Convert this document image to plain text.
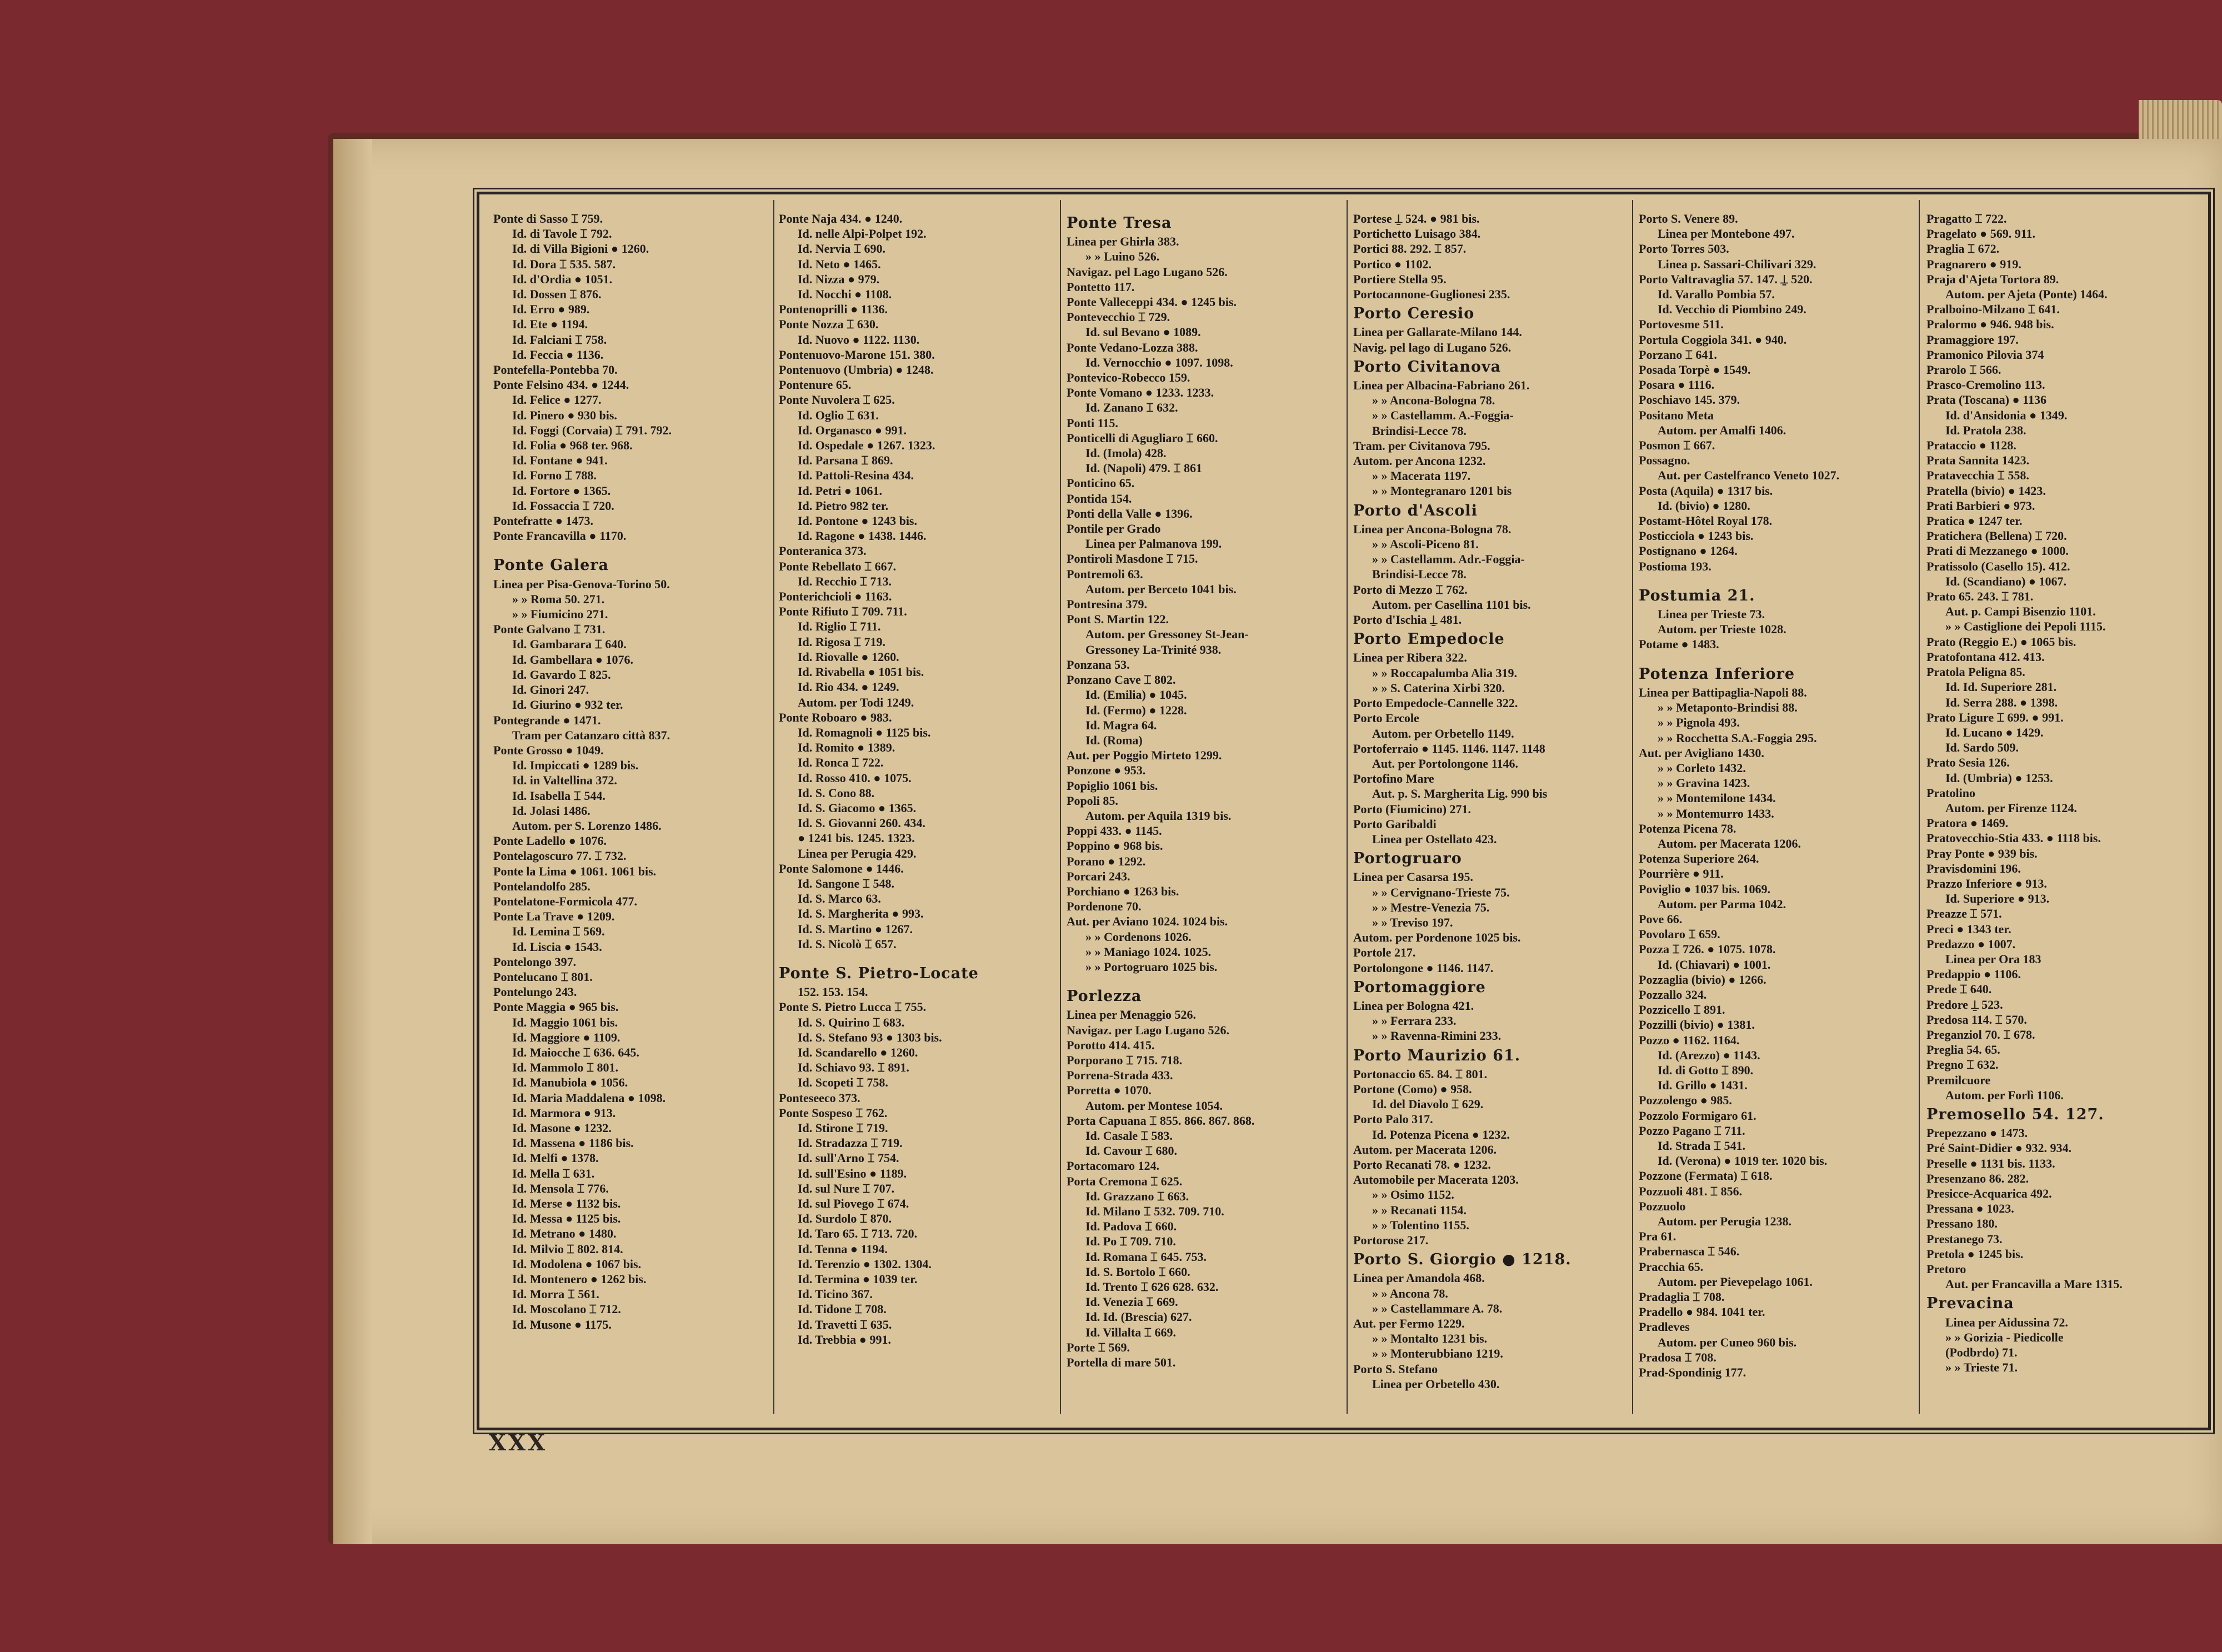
Ponte di Sasso ⌶ 759.
Id. di Tavole ⌶ 792.
Id. di Villa Bigioni ● 1260.
Id. Dora ⌶ 535. 587.
Id. d'Ordia ● 1051.
Id. Dossen ⌶ 876.
Id. Erro ● 989.
Id. Ete ● 1194.
Id. Falciani ⌶ 758.
Id. Feccia ● 1136.
Pontefella-Pontebba 70.
Ponte Felsino 434. ● 1244.
Id. Felice ● 1277.
Id. Pinero ● 930 bis.
Id. Foggi (Corvaia) ⌶ 791. 792.
Id. Folia ● 968 ter. 968.
Id. Fontane ● 941.
Id. Forno ⌶ 788.
Id. Fortore ● 1365.
Id. Fossaccia ⌶ 720.
Pontefratte ● 1473.
Ponte Francavilla ● 1170.
Ponte Galera
Linea per Pisa-Genova-Torino 50.
» » Roma 50. 271.
» » Fiumicino 271.
Ponte Galvano ⌶ 731.
Id. Gambarara ⌶ 640.
Id. Gambellara ● 1076.
Id. Gavardo ⌶ 825.
Id. Ginori 247.
Id. Giurino ● 932 ter.
Pontegrande ● 1471.
Tram per Catanzaro città 837.
Ponte Grosso ● 1049.
Id. Impiccati ● 1289 bis.
Id. in Valtellina 372.
Id. Isabella ⌶ 544.
Id. Jolasi 1486.
Autom. per S. Lorenzo 1486.
Ponte Ladello ● 1076.
Pontelagoscuro 77. ⌶ 732.
Ponte la Lima ● 1061. 1061 bis.
Pontelandolfo 285.
Pontelatone-Formicola 477.
Ponte La Trave ● 1209.
Id. Lemina ⌶ 569.
Id. Liscia ● 1543.
Pontelongo 397.
Pontelucano ⌶ 801.
Pontelungo 243.
Ponte Maggia ● 965 bis.
Id. Maggio 1061 bis.
Id. Maggiore ● 1109.
Id. Maiocche ⌶ 636. 645.
Id. Mammolo ⌶ 801.
Id. Manubiola ● 1056.
Id. Maria Maddalena ● 1098.
Id. Marmora ● 913.
Id. Masone ● 1232.
Id. Massena ● 1186 bis.
Id. Melfi ● 1378.
Id. Mella ⌶ 631.
Id. Mensola ⌶ 776.
Id. Merse ● 1132 bis.
Id. Messa ● 1125 bis.
Id. Metrano ● 1480.
Id. Milvio ⌶ 802. 814.
Id. Modolena ● 1067 bis.
Id. Montenero ● 1262 bis.
Id. Morra ⌶ 561.
Id. Moscolano ⌶ 712.
Id. Musone ● 1175.
Ponte Naja 434. ● 1240.
Id. nelle Alpi-Polpet 192.
Id. Nervia ⌶ 690.
Id. Neto ● 1465.
Id. Nizza ● 979.
Id. Nocchi ● 1108.
Pontenoprilli ● 1136.
Ponte Nozza ⌶ 630.
Id. Nuovo ● 1122. 1130.
Pontenuovo-Marone 151. 380.
Pontenuovo (Umbria) ● 1248.
Pontenure 65.
Ponte Nuvolera ⌶ 625.
Id. Oglio ⌶ 631.
Id. Organasco ● 991.
Id. Ospedale ● 1267. 1323.
Id. Parsana ⌶ 869.
Id. Pattoli-Resina 434.
Id. Petri ● 1061.
Id. Pietro 982 ter.
Id. Pontone ● 1243 bis.
Id. Ragone ● 1438. 1446.
Ponteranica 373.
Ponte Rebellato ⌶ 667.
Id. Recchio ⌶ 713.
Ponterichcioli ● 1163.
Ponte Rifiuto ⌶ 709. 711.
Id. Riglio ⌶ 711.
Id. Rigosa ⌶ 719.
Id. Riovalle ● 1260.
Id. Rivabella ● 1051 bis.
Id. Rio 434. ● 1249.
Autom. per Todi 1249.
Ponte Roboaro ● 983.
Id. Romagnoli ● 1125 bis.
Id. Romito ● 1389.
Id. Ronca ⌶ 722.
Id. Rosso 410. ● 1075.
Id. S. Cono 88.
Id. S. Giacomo ● 1365.
Id. S. Giovanni 260. 434.
● 1241 bis. 1245. 1323.
Linea per Perugia 429.
Ponte Salomone ● 1446.
Id. Sangone ⌶ 548.
Id. S. Marco 63.
Id. S. Margherita ● 993.
Id. S. Martino ● 1267.
Id. S. Nicolò ⌶ 657.
Ponte S. Pietro-Locate
152. 153. 154.
Ponte S. Pietro Lucca ⌶ 755.
Id. S. Quirino ⌶ 683.
Id. S. Stefano 93 ● 1303 bis.
Id. Scandarello ● 1260.
Id. Schiavo 93. ⌶ 891.
Id. Scopeti ⌶ 758.
Ponteseeco 373.
Ponte Sospeso ⌶ 762.
Id. Stirone ⌶ 719.
Id. Stradazza ⌶ 719.
Id. sull'Arno ⌶ 754.
Id. sull'Esino ● 1189.
Id. sul Nure ⌶ 707.
Id. sul Piovego ⌶ 674.
Id. Surdolo ⌶ 870.
Id. Taro 65. ⌶ 713. 720.
Id. Tenna ● 1194.
Id. Terenzio ● 1302. 1304.
Id. Termina ● 1039 ter.
Id. Ticino 367.
Id. Tidone ⌶ 708.
Id. Travetti ⌶ 635.
Id. Trebbia ● 991.
Ponte Tresa
Linea per Ghirla 383.
» » Luino 526.
Navigaz. pel Lago Lugano 526.
Pontetto 117.
Ponte Valleceppi 434. ● 1245 bis.
Pontevecchio ⌶ 729.
Id. sul Bevano ● 1089.
Ponte Vedano-Lozza 388.
Id. Vernocchio ● 1097. 1098.
Pontevico-Robecco 159.
Ponte Vomano ● 1233. 1233.
Id. Zanano ⌶ 632.
Ponti 115.
Ponticelli di Agugliaro ⌶ 660.
Id. (Imola) 428.
Id. (Napoli) 479. ⌶ 861
Ponticino 65.
Pontida 154.
Ponti della Valle ● 1396.
Pontile per Grado
Linea per Palmanova 199.
Pontiroli Masdone ⌶ 715.
Pontremoli 63.
Autom. per Berceto 1041 bis.
Pontresina 379.
Pont S. Martin 122.
Autom. per Gressoney St-Jean-
Gressoney La-Trinité 938.
Ponzana 53.
Ponzano Cave ⌶ 802.
Id. (Emilia) ● 1045.
Id. (Fermo) ● 1228.
Id. Magra 64.
Id. (Roma)
Aut. per Poggio Mirteto 1299.
Ponzone ● 953.
Popiglio 1061 bis.
Popoli 85.
Autom. per Aquila 1319 bis.
Poppi 433. ● 1145.
Poppino ● 968 bis.
Porano ● 1292.
Porcari 243.
Porchiano ● 1263 bis.
Pordenone 70.
Aut. per Aviano 1024. 1024 bis.
» » Cordenons 1026.
» » Maniago 1024. 1025.
» » Portogruaro 1025 bis.
Porlezza
Linea per Menaggio 526.
Navigaz. per Lago Lugano 526.
Porotto 414. 415.
Porporano ⌶ 715. 718.
Porrena-Strada 433.
Porretta ● 1070.
Autom. per Montese 1054.
Porta Capuana ⌶ 855. 866. 867. 868.
Id. Casale ⌶ 583.
Id. Cavour ⌶ 680.
Portacomaro 124.
Porta Cremona ⌶ 625.
Id. Grazzano ⌶ 663.
Id. Milano ⌶ 532. 709. 710.
Id. Padova ⌶ 660.
Id. Po ⌶ 709. 710.
Id. Romana ⌶ 645. 753.
Id. S. Bortolo ⌶ 660.
Id. Trento ⌶ 626 628. 632.
Id. Venezia ⌶ 669.
Id. Id. (Brescia) 627.
Id. Villalta ⌶ 669.
Porte ⌶ 569.
Portella di mare 501.
Portese ⍊ 524. ● 981 bis.
Portichetto Luisago 384.
Portici 88. 292. ⌶ 857.
Portico ● 1102.
Portiere Stella 95.
Portocannone-Guglionesi 235.
Porto Ceresio
Linea per Gallarate-Milano 144.
Navig. pel lago di Lugano 526.
Porto Civitanova
Linea per Albacina-Fabriano 261.
» » Ancona-Bologna 78.
» » Castellamm. A.-Foggia-
Brindisi-Lecce 78.
Tram. per Civitanova 795.
Autom. per Ancona 1232.
» » Macerata 1197.
» » Montegranaro 1201 bis
Porto d'Ascoli
Linea per Ancona-Bologna 78.
» » Ascoli-Piceno 81.
» » Castellamm. Adr.-Foggia-
Brindisi-Lecce 78.
Porto di Mezzo ⌶ 762.
Autom. per Casellina 1101 bis.
Porto d'Ischia ⍊ 481.
Porto Empedocle
Linea per Ribera 322.
» » Roccapalumba Alia 319.
» » S. Caterina Xirbi 320.
Porto Empedocle-Cannelle 322.
Porto Ercole
Autom. per Orbetello 1149.
Portoferraio ● 1145. 1146. 1147. 1148
Aut. per Portolongone 1146.
Portofino Mare
Aut. p. S. Margherita Lig. 990 bis
Porto (Fiumicino) 271.
Porto Garibaldi
Linea per Ostellato 423.
Portogruaro
Linea per Casarsa 195.
» » Cervignano-Trieste 75.
» » Mestre-Venezia 75.
» » Treviso 197.
Autom. per Pordenone 1025 bis.
Portole 217.
Portolongone ● 1146. 1147.
Portomaggiore
Linea per Bologna 421.
» » Ferrara 233.
» » Ravenna-Rimini 233.
Porto Maurizio 61.
Portonaccio 65. 84. ⌶ 801.
Portone (Como) ● 958.
Id. del Diavolo ⌶ 629.
Porto Palo 317.
Id. Potenza Picena ● 1232.
Autom. per Macerata 1206.
Porto Recanati 78. ● 1232.
Automobile per Macerata 1203.
» » Osimo 1152.
» » Recanati 1154.
» » Tolentino 1155.
Portorose 217.
Porto S. Giorgio ● 1218.
Linea per Amandola 468.
» » Ancona 78.
» » Castellammare A. 78.
Aut. per Fermo 1229.
» » Montalto 1231 bis.
» » Monterubbiano 1219.
Porto S. Stefano
Linea per Orbetello 430.
Porto S. Venere 89.
Linea per Montebone 497.
Porto Torres 503.
Linea p. Sassari-Chilivari 329.
Porto Valtravaglia 57. 147. ⍊ 520.
Id. Varallo Pombia 57.
Id. Vecchio di Piombino 249.
Portovesme 511.
Portula Coggiola 341. ● 940.
Porzano ⌶ 641.
Posada Torpè ● 1549.
Posara ● 1116.
Poschiavo 145. 379.
Positano Meta
Autom. per Amalfi 1406.
Posmon ⌶ 667.
Possagno.
Aut. per Castelfranco Veneto 1027.
Posta (Aquila) ● 1317 bis.
Id. (bivio) ● 1280.
Postamt-Hôtel Royal 178.
Posticciola ● 1243 bis.
Postignano ● 1264.
Postioma 193.
Postumia 21.
Linea per Trieste 73.
Autom. per Trieste 1028.
Potame ● 1483.
Potenza Inferiore
Linea per Battipaglia-Napoli 88.
» » Metaponto-Brindisi 88.
» » Pignola 493.
» » Rocchetta S.A.-Foggia 295.
Aut. per Avigliano 1430.
» » Corleto 1432.
» » Gravina 1423.
» » Montemilone 1434.
» » Montemurro 1433.
Potenza Picena 78.
Autom. per Macerata 1206.
Potenza Superiore 264.
Pourrière ● 911.
Poviglio ● 1037 bis. 1069.
Autom. per Parma 1042.
Pove 66.
Povolaro ⌶ 659.
Pozza ⌶ 726. ● 1075. 1078.
Id. (Chiavari) ● 1001.
Pozzaglia (bivio) ● 1266.
Pozzallo 324.
Pozzicello ⌶ 891.
Pozzilli (bivio) ● 1381.
Pozzo ● 1162. 1164.
Id. (Arezzo) ● 1143.
Id. di Gotto ⌶ 890.
Id. Grillo ● 1431.
Pozzolengo ● 985.
Pozzolo Formigaro 61.
Pozzo Pagano ⌶ 711.
Id. Strada ⌶ 541.
Id. (Verona) ● 1019 ter. 1020 bis.
Pozzone (Fermata) ⌶ 618.
Pozzuoli 481. ⌶ 856.
Pozzuolo
Autom. per Perugia 1238.
Pra 61.
Prabernasca ⌶ 546.
Pracchia 65.
Autom. per Pievepelago 1061.
Pradaglia ⌶ 708.
Pradello ● 984. 1041 ter.
Pradleves
Autom. per Cuneo 960 bis.
Pradosa ⌶ 708.
Prad-Spondinig 177.
Pragatto ⌶ 722.
Pragelato ● 569. 911.
Praglia ⌶ 672.
Pragnarero ● 919.
Praja d'Ajeta Tortora 89.
Autom. per Ajeta (Ponte) 1464.
Pralboino-Milzano ⌶ 641.
Pralormo ● 946. 948 bis.
Pramaggiore 197.
Pramonico Pilovia 374
Prarolo ⌶ 566.
Prasco-Cremolino 113.
Prata (Toscana) ● 1136
Id. d'Ansidonia ● 1349.
Id. Pratola 238.
Prataccio ● 1128.
Prata Sannita 1423.
Pratavecchia ⌶ 558.
Pratella (bivio) ● 1423.
Prati Barbieri ● 973.
Pratica ● 1247 ter.
Pratichera (Bellena) ⌶ 720.
Prati di Mezzanego ● 1000.
Pratissolo (Casello 15). 412.
Id. (Scandiano) ● 1067.
Prato 65. 243. ⌶ 781.
Aut. p. Campi Bisenzio 1101.
» » Castiglione dei Pepoli 1115.
Prato (Reggio E.) ● 1065 bis.
Pratofontana 412. 413.
Pratola Peligna 85.
Id. Id. Superiore 281.
Id. Serra 288. ● 1398.
Prato Ligure ⌶ 699. ● 991.
Id. Lucano ● 1429.
Id. Sardo 509.
Prato Sesia 126.
Id. (Umbria) ● 1253.
Pratolino
Autom. per Firenze 1124.
Pratora ● 1469.
Pratovecchio-Stia 433. ● 1118 bis.
Pray Ponte ● 939 bis.
Pravisdomini 196.
Prazzo Inferiore ● 913.
Id. Superiore ● 913.
Preazze ⌶ 571.
Preci ● 1343 ter.
Predazzo ● 1007.
Linea per Ora 183
Predappio ● 1106.
Prede ⌶ 640.
Predore ⍊ 523.
Predosa 114. ⌶ 570.
Preganziol 70. ⌶ 678.
Preglia 54. 65.
Pregno ⌶ 632.
Premilcuore
Autom. per Forlì 1106.
Premosello 54. 127.
Prepezzano ● 1473.
Pré Saint-Didier ● 932. 934.
Preselle ● 1131 bis. 1133.
Presenzano 86. 282.
Presicce-Acquarica 492.
Pressana ● 1023.
Pressano 180.
Prestanego 73.
Pretola ● 1245 bis.
Pretoro
Aut. per Francavilla a Mare 1315.
Prevacina
Linea per Aidussina 72.
» » Gorizia - Piedicolle
(Podbrdo) 71.
» » Trieste 71.
XXX
